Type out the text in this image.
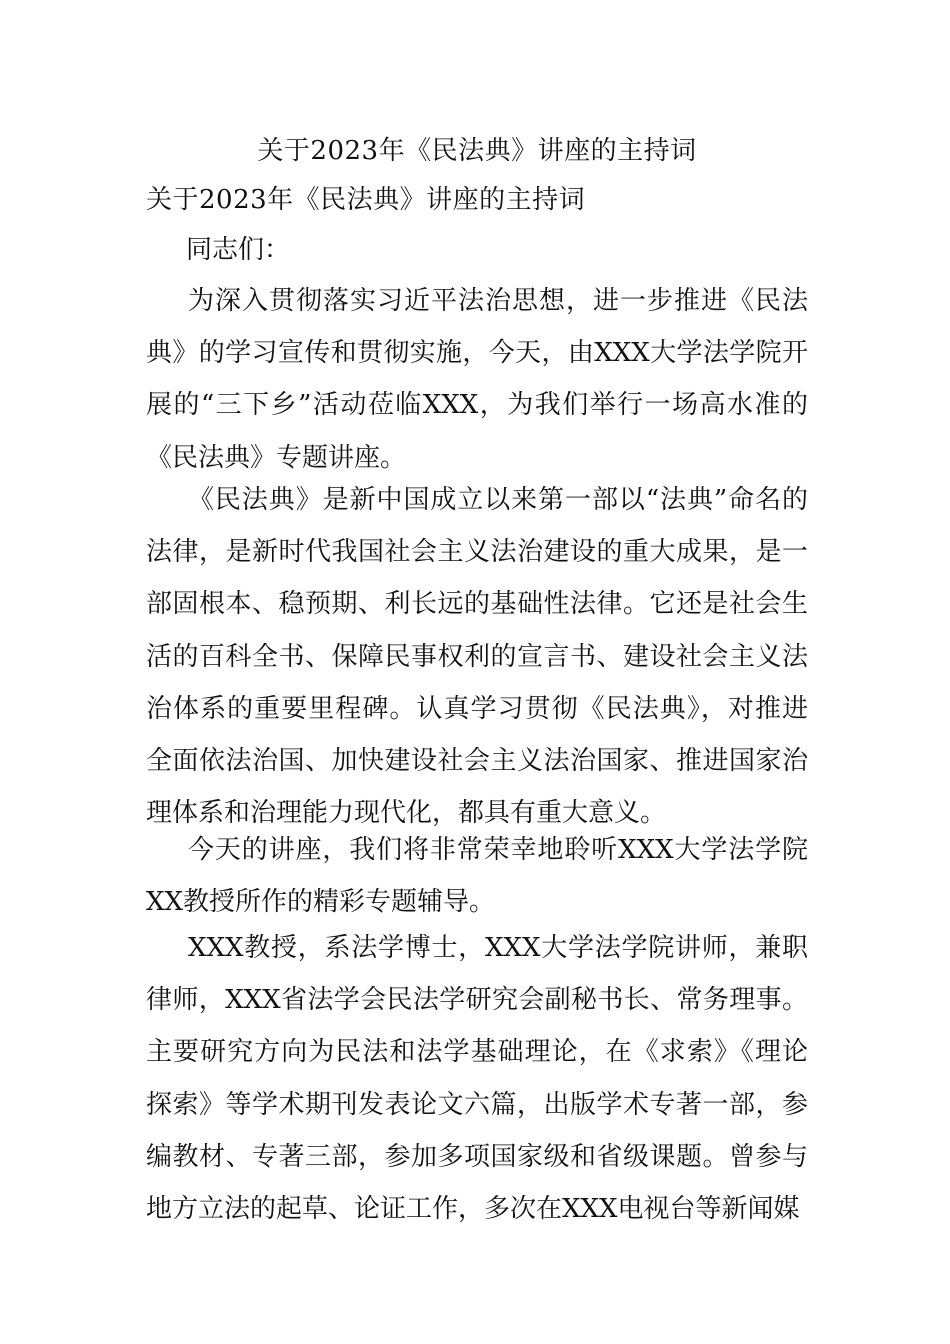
关于2023年《民法典》讲座的主持词
关于2023年《民法典》讲座的主持词
同志们：

为深入贯彻落实习近平法治思想，进一步推进《民法典》的学习宣传和贯彻实施，今天，由XXX大学法学院开展的“三下乡”活动莅临XXX，为我们举行一场高水准的《民法典》专题讲座。

《民法典》是新中国成立以来第一部以“法典”命名的法律，是新时代我国社会主义法治建设的重大成果，是一部固根本、稳预期、利长远的基础性法律。它还是社会生活的百科全书、保障民事权利的宣言书、建设社会主义法治体系的重要里程碑。认真学习贯彻《民法典》，对推进全面依法治国、加快建设社会主义法治国家、推进国家治理体系和治理能力现代化，都具有重大意义。

今天的讲座，我们将非常荣幸地聆听XXX大学法学院XX教授所作的精彩专题辅导。

XXX教授，系法学博士，XXX大学法学院讲师，兼职律师，XXX省法学会民法学研究会副秘书长、常务理事。主要研究方向为民法和法学基础理论，在《求索》《理论探索》等学术期刊发表论文六篇，出版学术专著一部，参编教材、专著三部，参加多项国家级和省级课题。曾参与地方立法的起草、论证工作，多次在XXX电视台等新闻媒
